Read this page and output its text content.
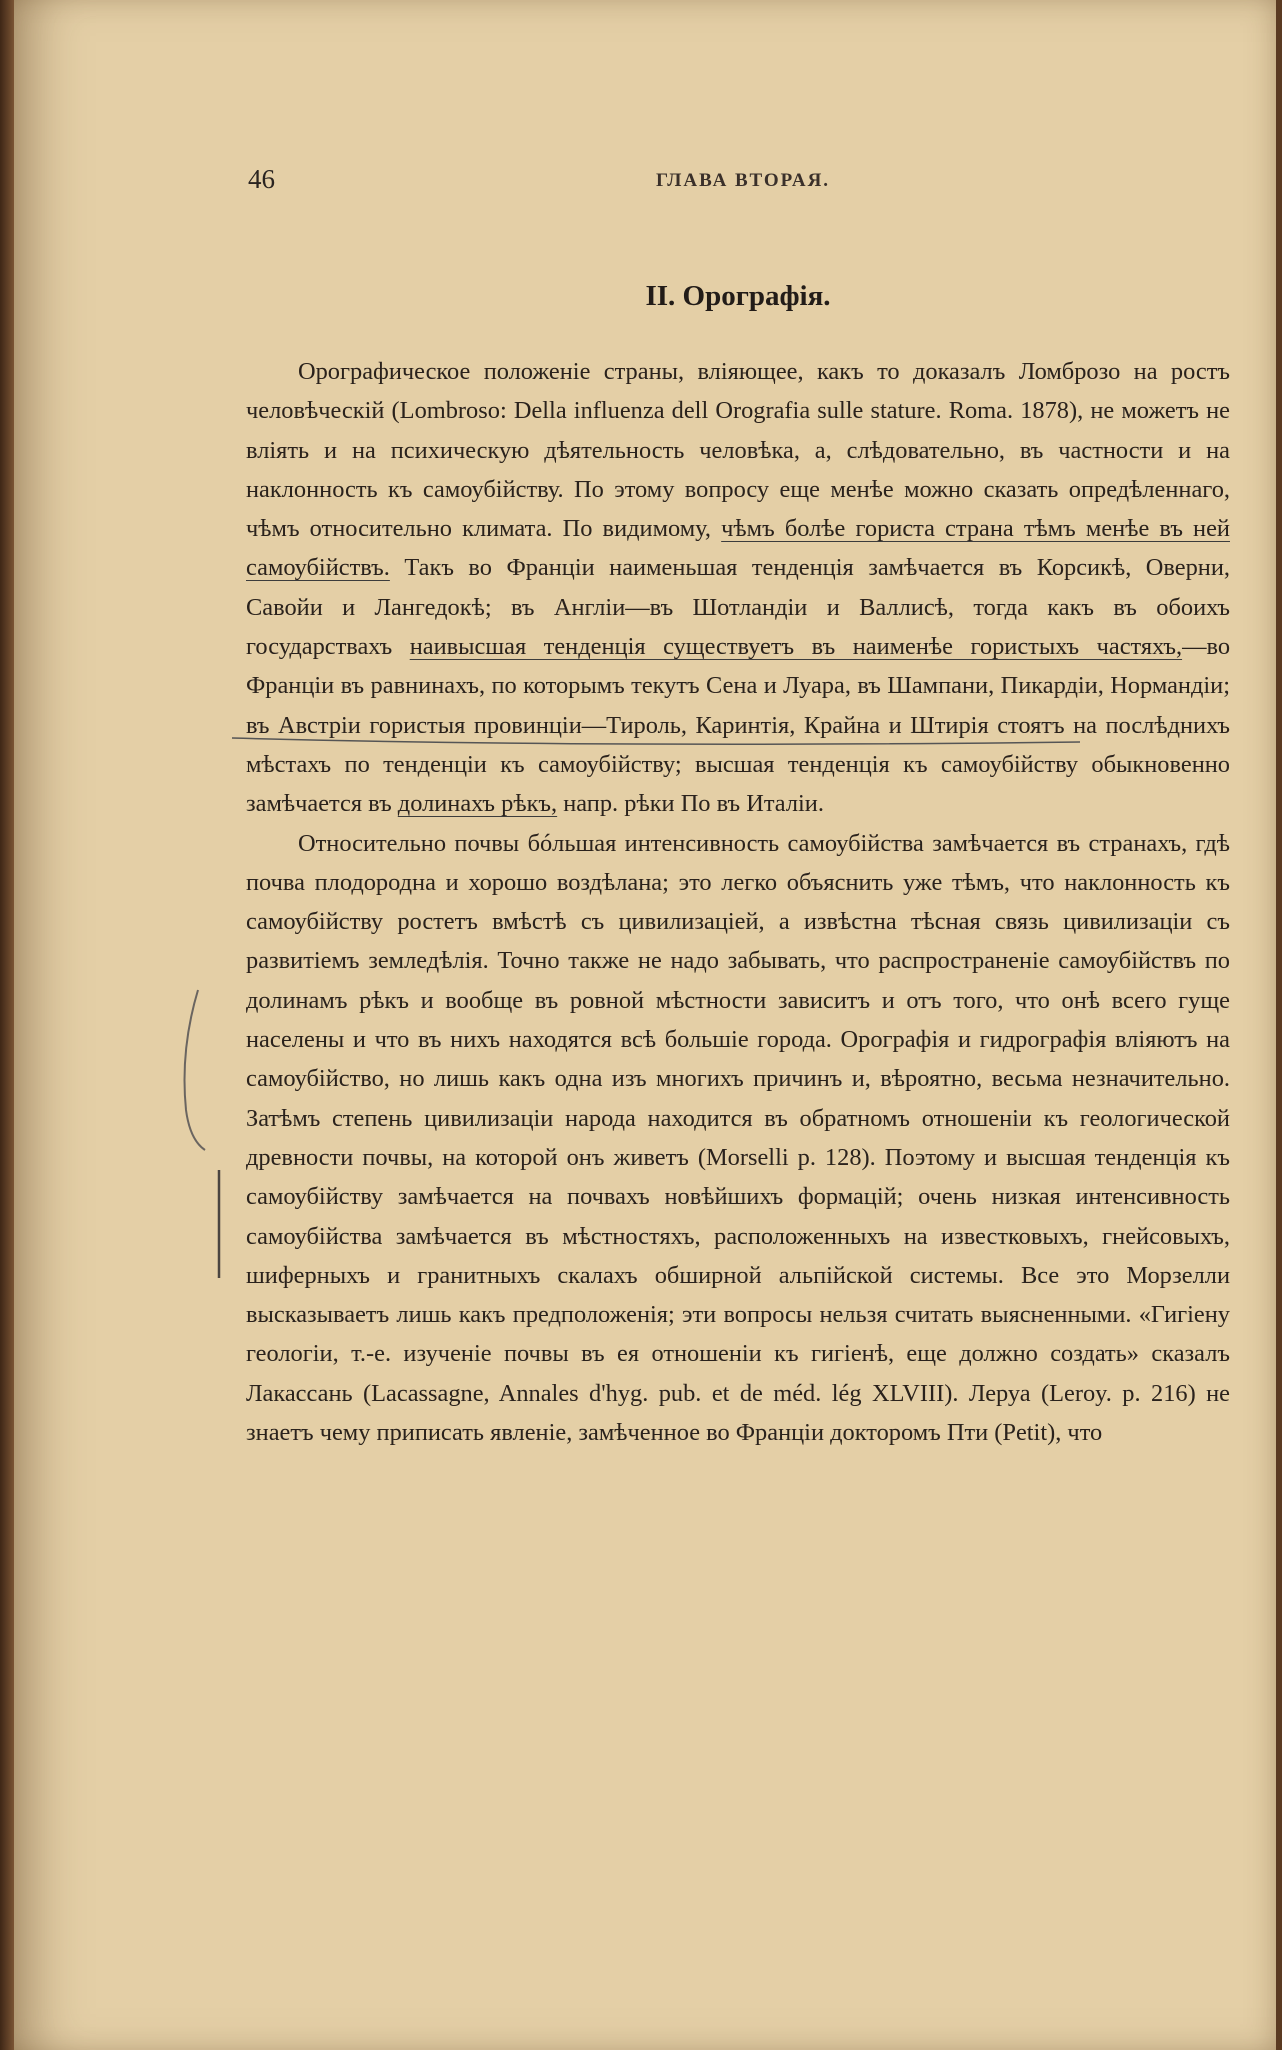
46	ГЛАВА ВТОРАЯ.
II. Орографія.

Орографическое положеніе страны, вліяющее, какъ то доказалъ Ломброзо на ростъ человѣческій (Lombroso: Della influenza dell Orografia sulle stature. Roma. 1878), не можетъ не вліять и на психическую дѣятельность человѣка, а, слѣдовательно, въ частности и на наклонность къ самоубійству. По этому вопросу еще менѣе можно сказать опредѣленнаго, чѣмъ относительно климата. По видимому, чѣмъ болѣе гориста страна тѣмъ менѣе въ ней самоубійствъ. Такъ во Франціи наименьшая тенденція замѣчается въ Корсикѣ, Оверни, Савойи и Лангедокѣ; въ Англіи—въ Шотландіи и Валлисѣ, тогда какъ въ обоихъ государствахъ наивысшая тенденція существуетъ въ наименѣе гористыхъ частяхъ,—во Франціи въ равнинахъ, по которымъ текутъ Сена и Луара, въ Шампани, Пикардіи, Нормандіи; въ Австріи гористыя провинціи—Тироль, Каринтія, Крайна и Штирія стоятъ на послѣднихъ мѣстахъ по тенденціи къ самоубійству; высшая тенденція къ самоубійству обыкновенно замѣчается въ долинахъ рѣкъ, напр. рѣки По въ Италіи.

Относительно почвы бóльшая интенсивность самоубійства замѣчается въ странахъ, гдѣ почва плодородна и хорошо воздѣлана; это легко объяснить уже тѣмъ, что наклонность къ самоубійству ростетъ вмѣстѣ съ цивилизаціей, а извѣстна тѣсная связь цивилизаціи съ развитіемъ земледѣлія. Точно также не надо забывать, что распространеніе самоубійствъ по долинамъ рѣкъ и вообще въ ровной мѣстности зависитъ и отъ того, что онѣ всего гуще населены и что въ нихъ находятся всѣ большіе города. Орографія и гидрографія вліяютъ на самоубійство, но лишь какъ одна изъ многихъ причинъ и, вѣроятно, весьма незначительно. Затѣмъ степень цивилизаціи народа находится въ обратномъ отношеніи къ геологической древности почвы, на которой онъ живетъ (Morselli p. 128). Поэтому и высшая тенденція къ самоубійству замѣчается на почвахъ новѣйшихъ формацій; очень низкая интенсивность самоубійства замѣчается въ мѣстностяхъ, расположенныхъ на известковыхъ, гнейсовыхъ, шиферныхъ и гранитныхъ скалахъ обширной альпійской системы. Все это Морзелли высказываетъ лишь какъ предположенія; эти вопросы нельзя считать выясненными. «Гигіену геологіи, т.-е. изученіе почвы въ ея отношеніи къ гигіенѣ, еще должно создать» сказалъ Лакассань (Lacassagne, Annales d'hyg. pub. et de méd. lég XLVIII). Леруа (Leroy. p. 216) не знаетъ чему приписать явленіе, замѣченное во Франціи докторомъ Пти (Petit), что
